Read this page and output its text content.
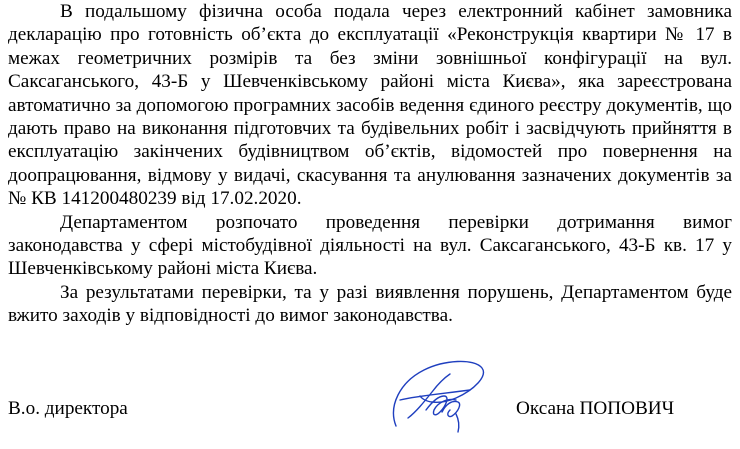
В подальшому фізична особа подала через електронний кабінет замовника декларацію про готовність об’єкта до експлуатації «Реконструкція квартири № 17 в межах геометричних розмірів та без зміни зовнішньої конфігурації на вул. Саксаганського, 43-Б у Шевченківському районі міста Києва», яка зареєстрована автоматично за допомогою програмних засобів ведення єдиного реєстру документів, що дають право на виконання підготовчих та будівельних робіт і засвідчують прийняття в експлуатацію закінчених будівництвом об’єктів, відомостей про повернення на доопрацювання, відмову у видачі, скасування та анулювання зазначених документів за № КВ 141200480239 від 17.02.2020.

Департаментом розпочато проведення перевірки дотримання вимог законодавства у сфері містобудівної діяльності на вул. Саксаганського, 43-Б кв. 17 у Шевченківському районі міста Києва.

За результатами перевірки, та у разі виявлення порушень, Департаментом буде вжито заходів у відповідності до вимог законодавства.

В.о. директора	Оксана ПОПОВИЧ
